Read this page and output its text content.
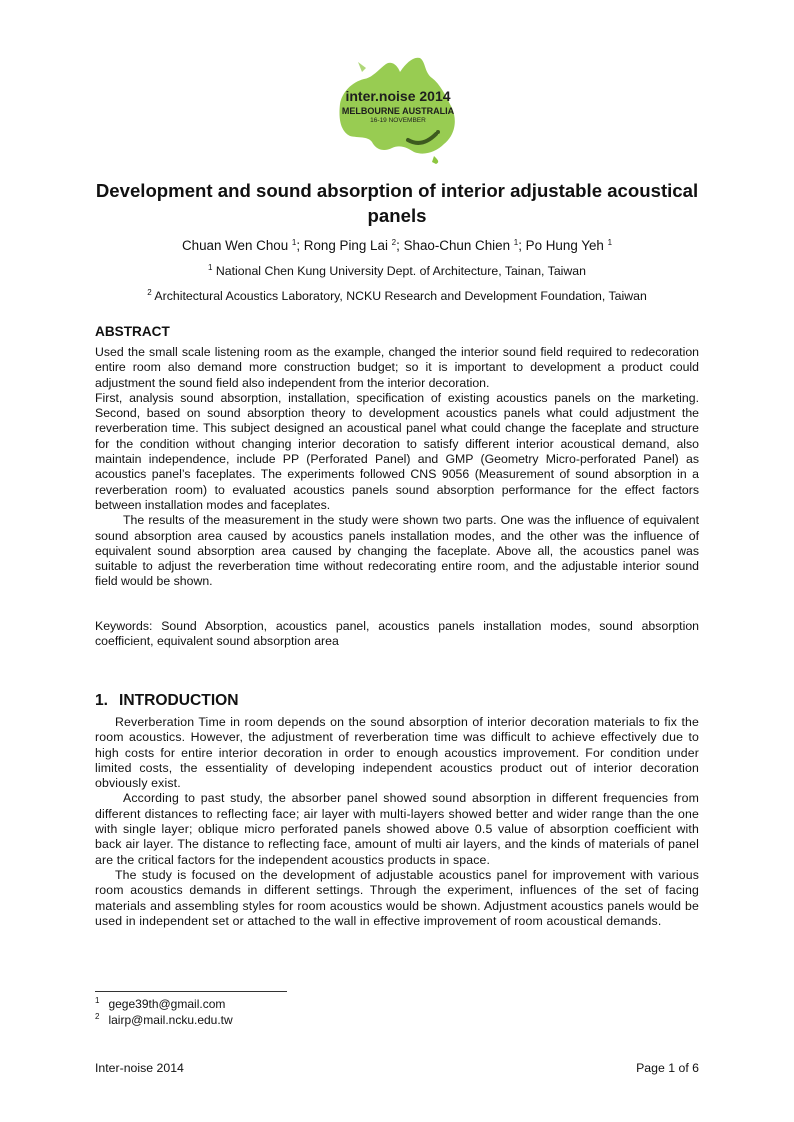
inter.noise 2014
MELBOURNE AUSTRALIA
16-19 NOVEMBER
Development and sound absorption of interior adjustable acoustical panels
Chuan Wen Chou $^1$; Rong Ping Lai $^2$; Shao-Chun Chien $^1$; Po Hung Yeh $^1$
$^1$ National Chen Kung University Dept. of Architecture, Tainan, Taiwan
$^2$ Architectural Acoustics Laboratory, NCKU Research and Development Foundation, Taiwan
ABSTRACT

Used the small scale listening room as the example, changed the interior sound field required to redecoration entire room also demand more construction budget; so it is important to development a product could adjustment the sound field also independent from the interior decoration.

First, analysis sound absorption, installation, specification of existing acoustics panels on the marketing. Second, based on sound absorption theory to development acoustics panels what could adjustment the reverberation time. This subject designed an acoustical panel what could change the faceplate and structure for the condition without changing interior decoration to satisfy different interior acoustical demand, also maintain independence, include PP (Perforated Panel) and GMP (Geometry Micro-perforated Panel) as acoustics panel’s faceplates. The experiments followed CNS 9056 (Measurement of sound absorption in a reverberation room) to evaluated acoustics panels sound absorption performance for the effect factors between installation modes and faceplates.

The results of the measurement in the study were shown two parts. One was the influence of equivalent sound absorption area caused by acoustics panels installation modes, and the other was the influence of equivalent sound absorption area caused by changing the faceplate. Above all, the acoustics panel was suitable to adjust the reverberation time without redecorating entire room, and the adjustable interior sound field would be shown.

Keywords: Sound Absorption, acoustics panel, acoustics panels installation modes, sound absorption coefficient, equivalent sound absorption area
1. INTRODUCTION

Reverberation Time in room depends on the sound absorption of interior decoration materials to fix the room acoustics. However, the adjustment of reverberation time was difficult to achieve effectively due to high costs for entire interior decoration in order to enough acoustics improvement. For condition under limited costs, the essentiality of developing independent acoustics product out of interior decoration obviously exist.

According to past study, the absorber panel showed sound absorption in different frequencies from different distances to reflecting face; air layer with multi-layers showed better and wider range than the one with single layer; oblique micro perforated panels showed above 0.5 value of absorption coefficient with back air layer. The distance to reflecting face, amount of multi air layers, and the kinds of materials of panel are the critical factors for the independent acoustics products in space.

The study is focused on the development of adjustable acoustics panel for improvement with various room acoustics demands in different settings. Through the experiment, influences of the set of facing materials and assembling styles for room acoustics would be shown. Adjustment acoustics panels would be used in independent set or attached to the wall in effective improvement of room acoustical demands.

$^1$ gege39th@gmail.com
$^2$ lairp@mail.ncku.edu.tw
Inter-noise 2014	Page 1 of 6
